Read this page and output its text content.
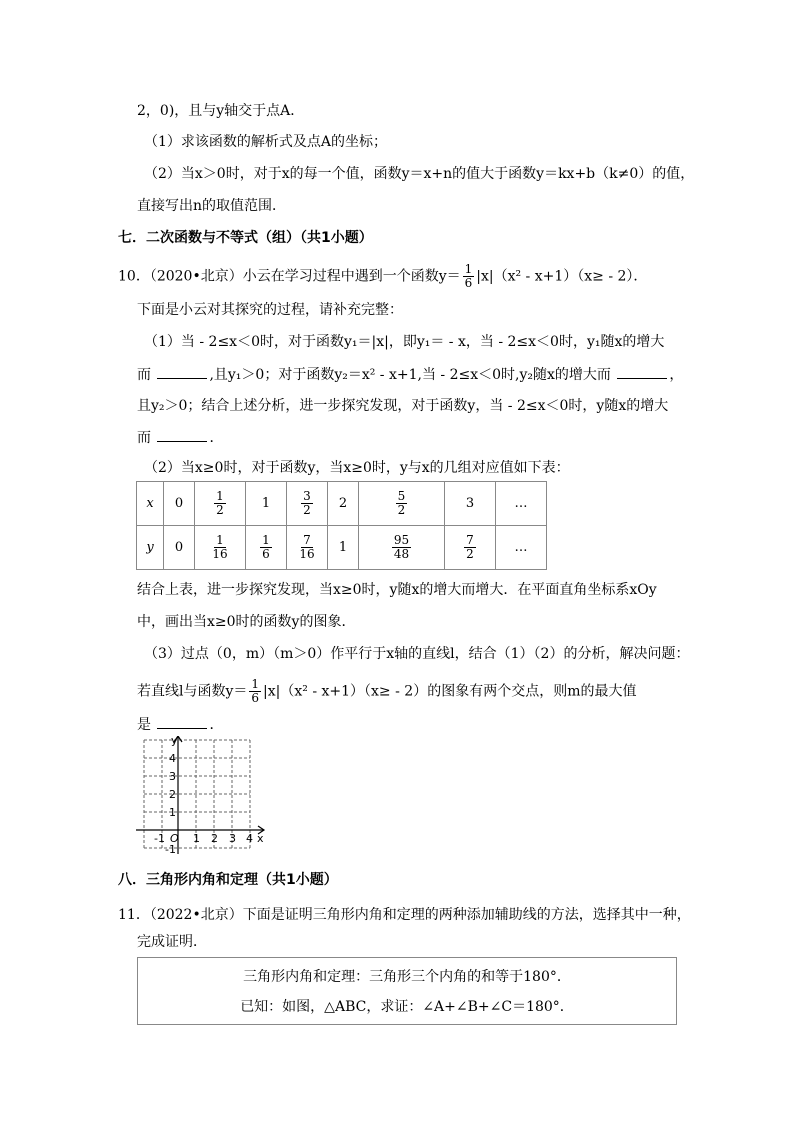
2，0)，且与y轴交于点A．
（1）求该函数的解析式及点A的坐标；
（2）当x＞0时，对于x的每一个值，函数y＝x+n的值大于函数y＝kx+b（k≠0）的值，
直接写出n的取值范围．
七．二次函数与不等式（组）（共1小题）
10．（2020•北京）小云在学习过程中遇到一个函数$y= \frac{1}{6} |x|(x^2 - x+1)(x\ge - 2)$．
下面是小云对其探究的过程，请补充完整：
（1）当 - 2≤x＜0时，对于函数y₁＝|x|，即y₁＝ - x，当 - 2≤x＜0时，y₁随x的增大
而	,且y₁＞0；对于函数y₂＝x² - x+1,当 - 2≤x＜0时,y₂随x的增大而	，
且y₂＞0；结合上述分析，进一步探究发现，对于函数y，当 - 2≤x＜0时，y随x的增大
而	．
（2）当x≥0时，对于函数y，当x≥0时，y与x的几组对应值如下表：
x	0	$\frac{1}{2}$	1	$\frac{3}{2}$	2	$\frac{5}{2}$	3	…
y	0	$\frac{1}{16}$	$\frac{1}{6}$	$\frac{7}{16}$	1	$\frac{95}{48}$	$\frac{7}{2}$	…
结合上表，进一步探究发现，当x≥0时，y随x的增大而增大．在平面直角坐标系xOy
中，画出当x≥0时的函数y的图象．
（3）过点（0，m）（m＞0）作平行于x轴的直线l，结合（1）（2）的分析，解决问题：
若直线l与函数$y= \frac{1}{6} |x|(x^2 - x+1)(x\ge - 2)$的图象有两个交点，则m的最大值
是	．
y
x
4
3
2
1
-1
-1 O 1 2 3 4
八．三角形内角和定理（共1小题）
11．（2022•北京）下面是证明三角形内角和定理的两种添加辅助线的方法，选择其中一种，
完成证明．
三角形内角和定理：三角形三个内角的和等于180°．
已知：如图，△ABC，求证：∠A+∠B+∠C＝180°．
